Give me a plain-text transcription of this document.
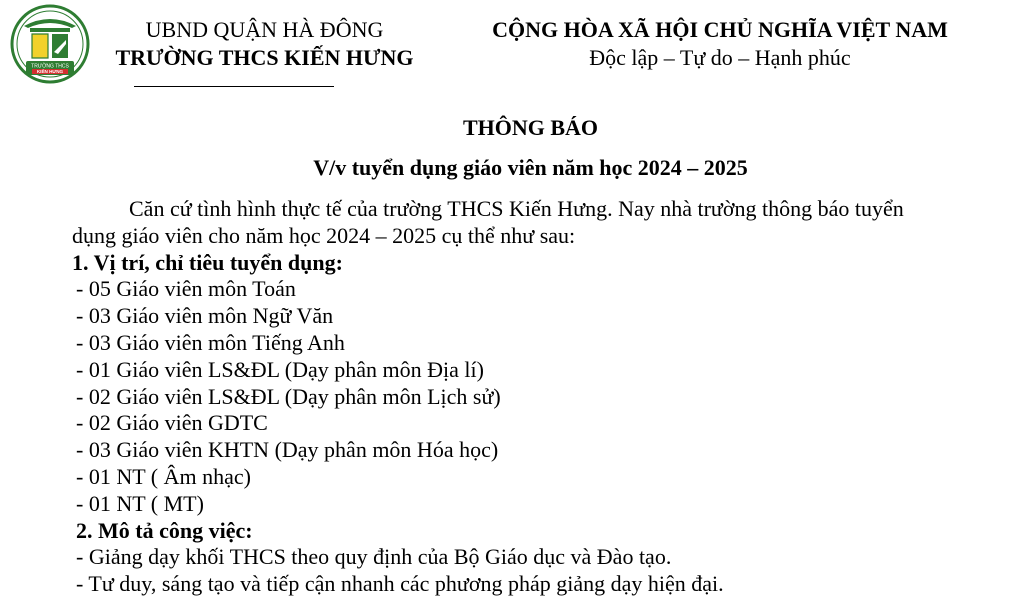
TRƯỜNG THCS
KIẾN HƯNG
UBND QUẬN HÀ ĐÔNG
TRƯỜNG THCS KIẾN HƯNG
CỘNG HÒA XÃ HỘI CHỦ NGHĨA VIỆT NAM
Độc lập – Tự do – Hạnh phúc
THÔNG BÁO
V/v tuyển dụng giáo viên năm học 2024 – 2025

Căn cứ tình hình thực tế của trường THCS Kiến Hưng. Nay nhà trường thông báo tuyển

dụng giáo viên cho năm học 2024 – 2025 cụ thể như sau:

1. Vị trí, chỉ tiêu tuyển dụng:

- 05 Giáo viên môn Toán

- 03 Giáo viên môn Ngữ Văn

- 03 Giáo viên môn Tiếng Anh

- 01 Giáo viên LS&ĐL (Dạy phân môn Địa lí)

- 02 Giáo viên LS&ĐL (Dạy phân môn Lịch sử)

- 02 Giáo viên GDTC

- 03 Giáo viên KHTN (Dạy phân môn Hóa học)

- 01 NT ( Âm nhạc)

- 01 NT ( MT)

2. Mô tả công việc:

- Giảng dạy khối THCS theo quy định của Bộ Giáo dục và Đào tạo.

- Tư duy, sáng tạo và tiếp cận nhanh các phương pháp giảng dạy hiện đại.
